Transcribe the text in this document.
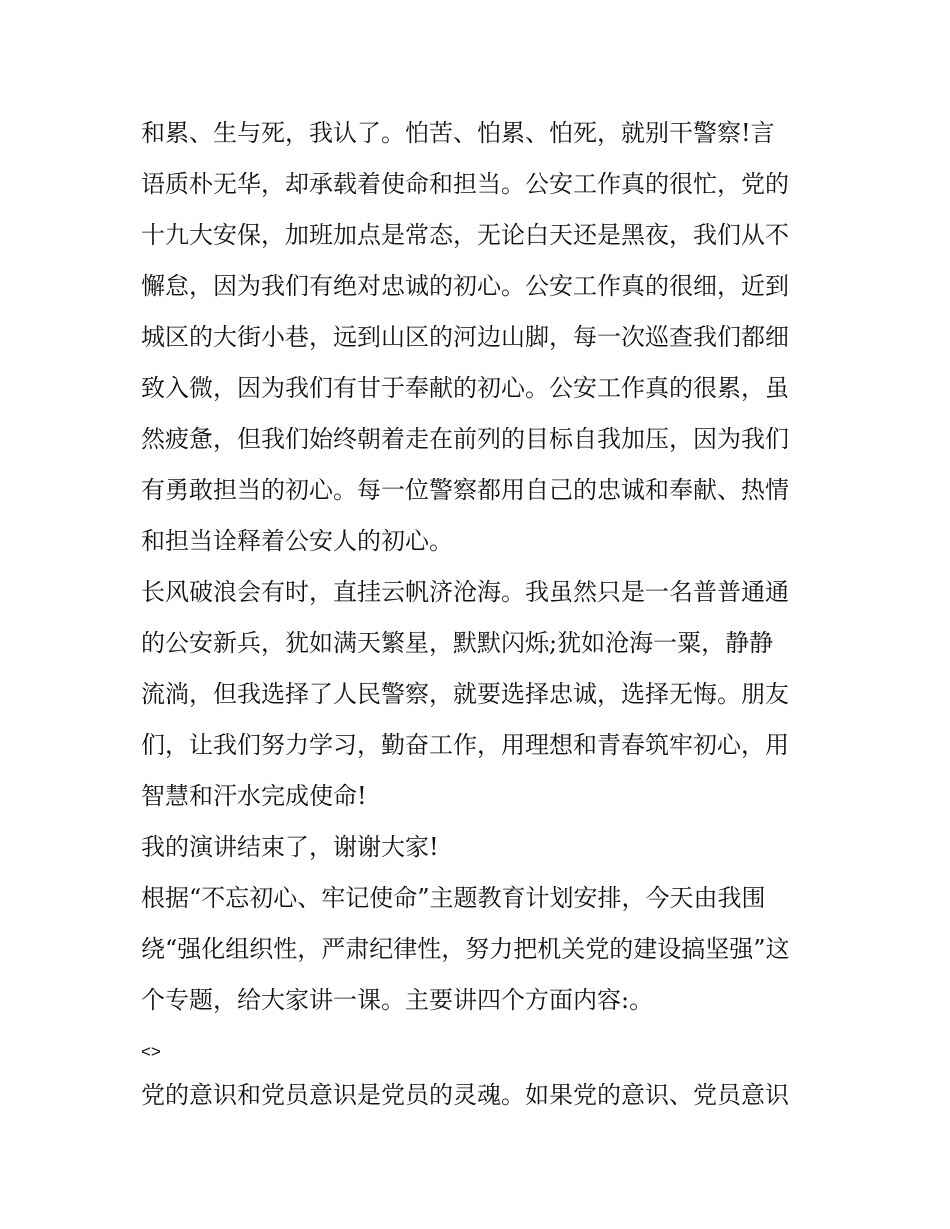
和累、生与死，我认了。怕苦、怕累、怕死，就别干警察!言
语质朴无华，却承载着使命和担当。公安工作真的很忙，党的
十九大安保，加班加点是常态，无论白天还是黑夜，我们从不
懈怠，因为我们有绝对忠诚的初心。公安工作真的很细，近到
城区的大街小巷，远到山区的河边山脚，每一次巡查我们都细
致入微，因为我们有甘于奉献的初心。公安工作真的很累，虽
然疲惫，但我们始终朝着走在前列的目标自我加压，因为我们
有勇敢担当的初心。每一位警察都用自己的忠诚和奉献、热情
和担当诠释着公安人的初心。
长风破浪会有时，直挂云帆济沧海。我虽然只是一名普普通通
的公安新兵，犹如满天繁星，默默闪烁;犹如沧海一粟，静静
流淌，但我选择了人民警察，就要选择忠诚，选择无悔。朋友
们，让我们努力学习，勤奋工作，用理想和青春筑牢初心，用
智慧和汗水完成使命!
我的演讲结束了，谢谢大家!
根据“不忘初心、牢记使命”主题教育计划安排，今天由我围
绕“强化组织性，严肃纪律性，努力把机关党的建设搞坚强”这
个专题，给大家讲一课。主要讲四个方面内容:。
<>
党的意识和党员意识是党员的灵魂。如果党的意识、党员意识
